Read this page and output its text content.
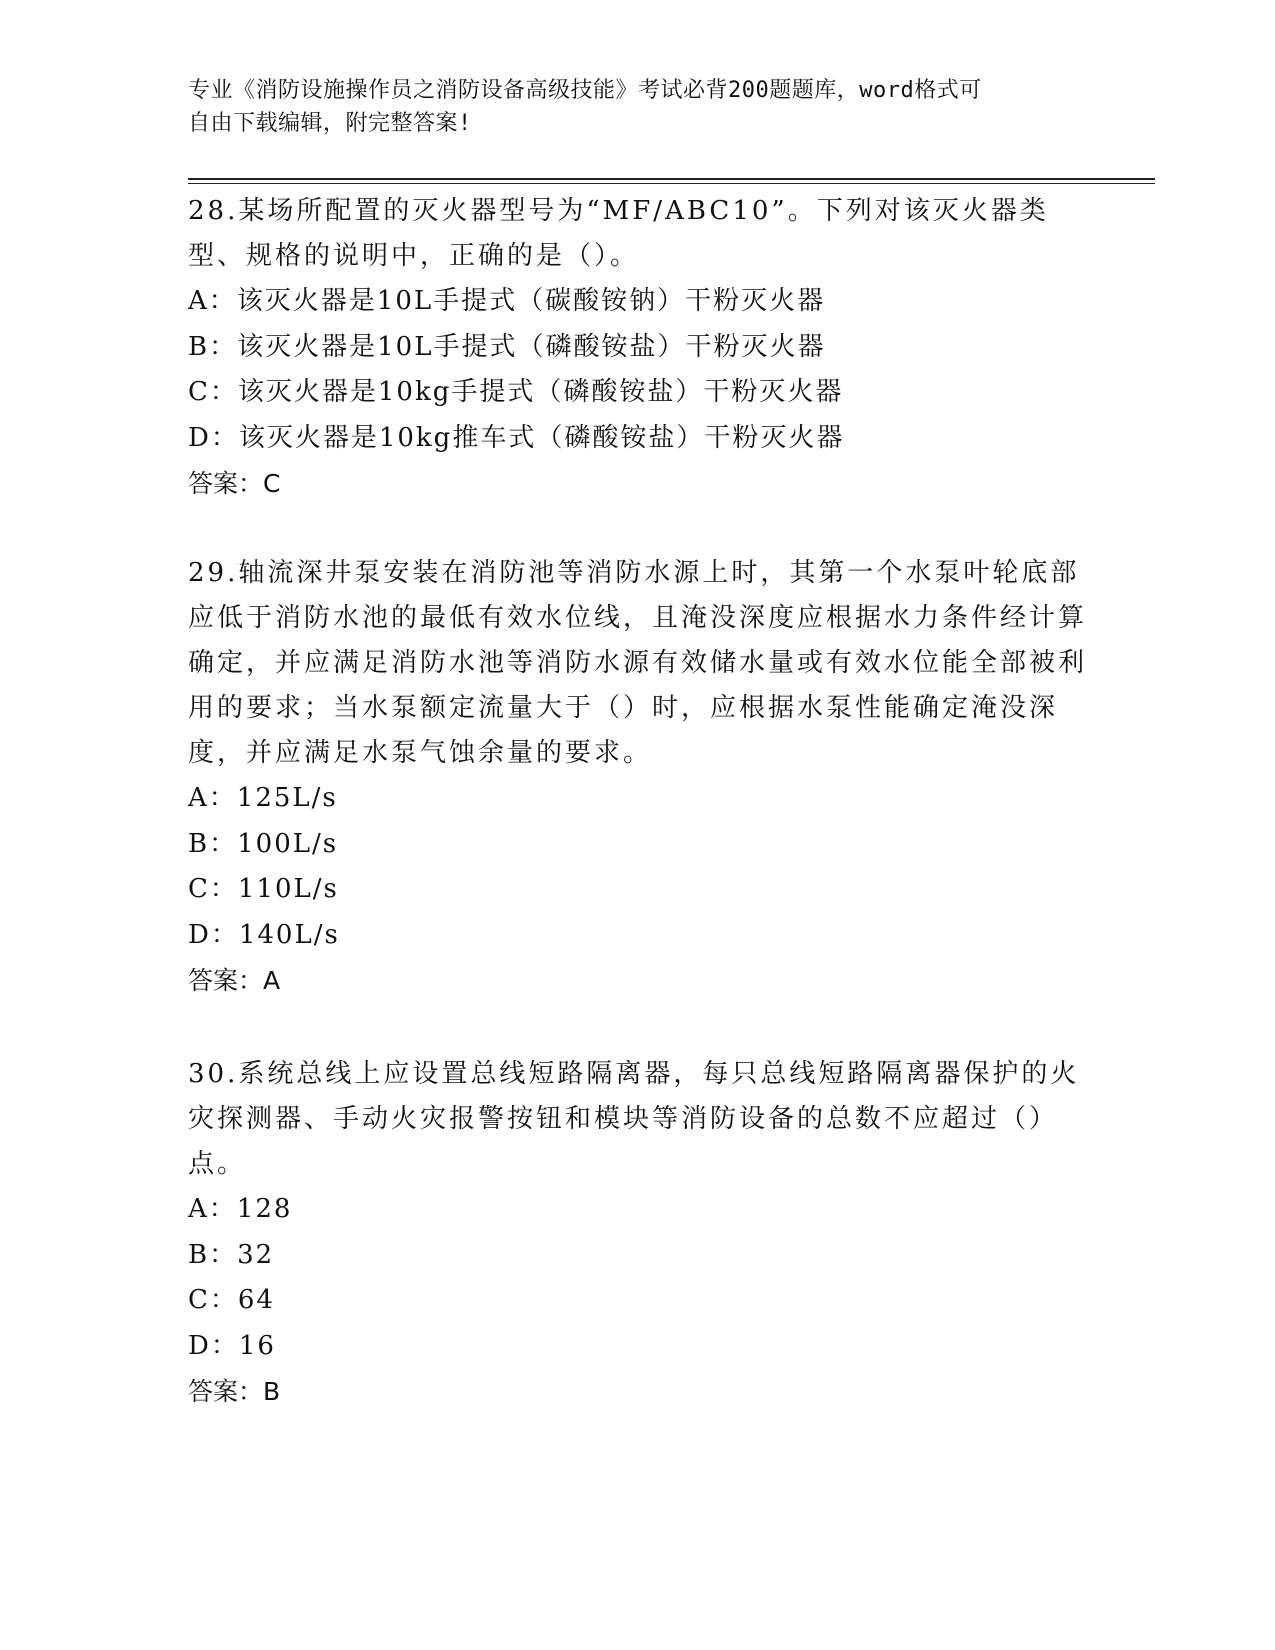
专业《消防设施操作员之消防设备高级技能》考试必背200题题库，word格式可
自由下载编辑，附完整答案!
28.某场所配置的灭火器型号为“MF/ABC10”。下列对该灭火器类型、规格的说明中，正确的是（）。
A：该灭火器是10L手提式（碳酸铵钠）干粉灭火器
B：该灭火器是10L手提式（磷酸铵盐）干粉灭火器
C：该灭火器是10kg手提式（磷酸铵盐）干粉灭火器
D：该灭火器是10kg推车式（磷酸铵盐）干粉灭火器
答案：C
29.轴流深井泵安装在消防池等消防水源上时，其第一个水泵叶轮底部应低于消防水池的最低有效水位线，且淹没深度应根据水力条件经计算确定，并应满足消防水池等消防水源有效储水量或有效水位能全部被利用的要求；当水泵额定流量大于（）时，应根据水泵性能确定淹没深度，并应满足水泵气蚀余量的要求。
A：125L/s
B：100L/s
C：110L/s
D：140L/s
答案：A
30.系统总线上应设置总线短路隔离器，每只总线短路隔离器保护的火灾探测器、手动火灾报警按钮和模块等消防设备的总数不应超过（）点。
A：128
B：32
C：64
D：16
答案：B
